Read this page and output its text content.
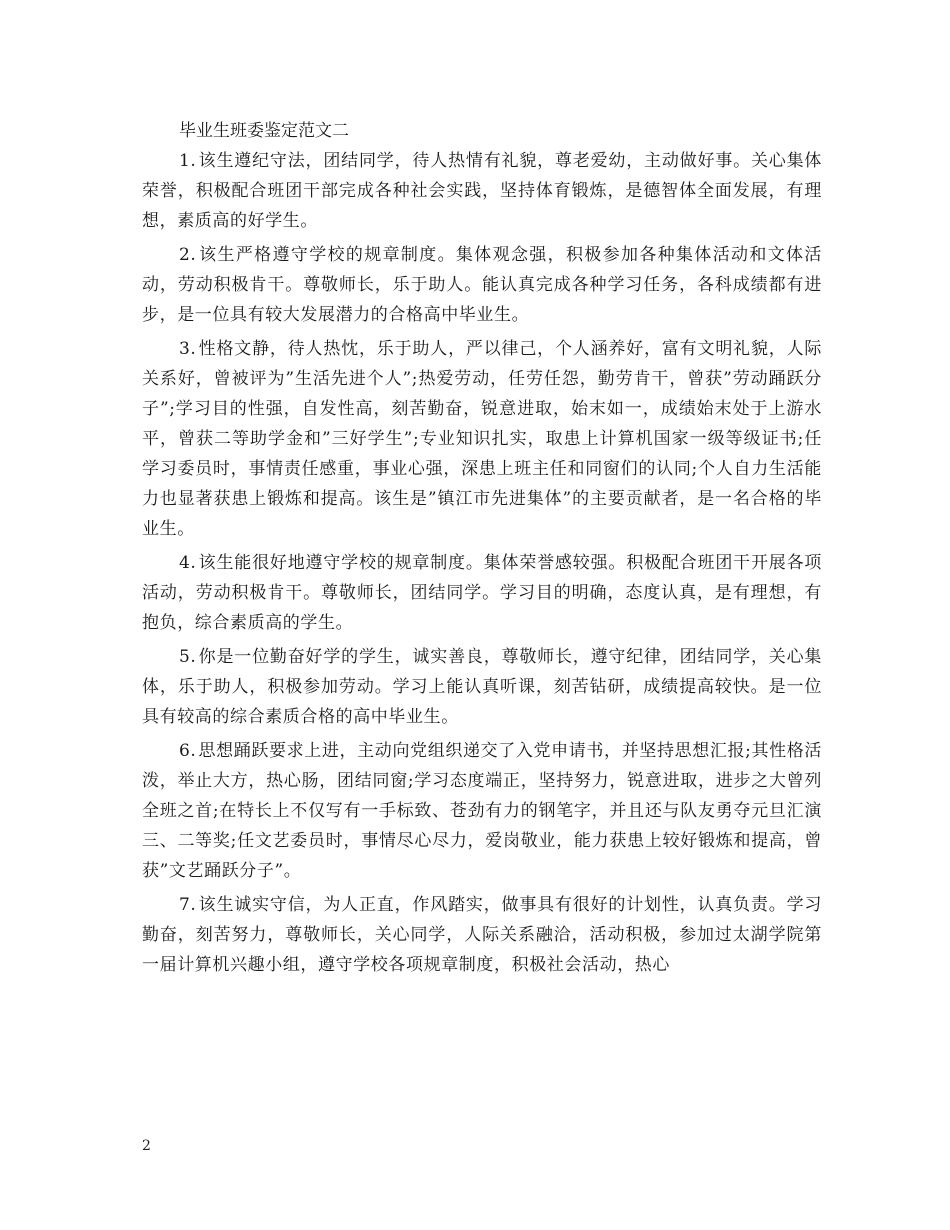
毕业生班委鉴定范文二

1. 该生遵纪守法，团结同学，待人热情有礼貌，尊老爱幼，主动做好事。关心集体荣誉，积极配合班团干部完成各种社会实践，坚持体育锻炼，是德智体全面发展，有理想，素质高的好学生。

2. 该生严格遵守学校的规章制度。集体观念强，积极参加各种集体活动和文体活动，劳动积极肯干。尊敬师长，乐于助人。能认真完成各种学习任务，各科成绩都有进步，是一位具有较大发展潜力的合格高中毕业生。

3. 性格文静，待人热忱，乐于助人，严以律己，个人涵养好，富有文明礼貌，人际关系好，曾被评为”生活先进个人”;热爱劳动，任劳任怨，勤劳肯干，曾获”劳动踊跃分子”;学习目的性强，自发性高，刻苦勤奋，锐意进取，始末如一，成绩始末处于上游水平，曾获二等助学金和”三好学生”;专业知识扎实，取患上计算机国家一级等级证书;任学习委员时，事情责任感重，事业心强，深患上班主任和同窗们的认同;个人自力生活能力也显著获患上锻炼和提高。该生是”镇江市先进集体”的主要贡献者，是一名合格的毕业生。

4. 该生能很好地遵守学校的规章制度。集体荣誉感较强。积极配合班团干开展各项活动，劳动积极肯干。尊敬师长，团结同学。学习目的明确，态度认真，是有理想，有抱负，综合素质高的学生。

5. 你是一位勤奋好学的学生，诚实善良，尊敬师长，遵守纪律，团结同学，关心集体，乐于助人，积极参加劳动。学习上能认真听课，刻苦钻研，成绩提高较快。是一位具有较高的综合素质合格的高中毕业生。

6. 思想踊跃要求上进，主动向党组织递交了入党申请书，并坚持思想汇报;其性格活泼，举止大方，热心肠，团结同窗;学习态度端正，坚持努力，锐意进取，进步之大曾列全班之首;在特长上不仅写有一手标致、苍劲有力的钢笔字，并且还与队友勇夺元旦汇演三、二等奖;任文艺委员时，事情尽心尽力，爱岗敬业，能力获患上较好锻炼和提高，曾获”文艺踊跃分子”。

7. 该生诚实守信，为人正直，作风踏实，做事具有很好的计划性，认真负责。学习勤奋，刻苦努力，尊敬师长，关心同学，人际关系融洽，活动积极，参加过太湖学院第一届计算机兴趣小组，遵守学校各项规章制度，积极社会活动，热心

2
